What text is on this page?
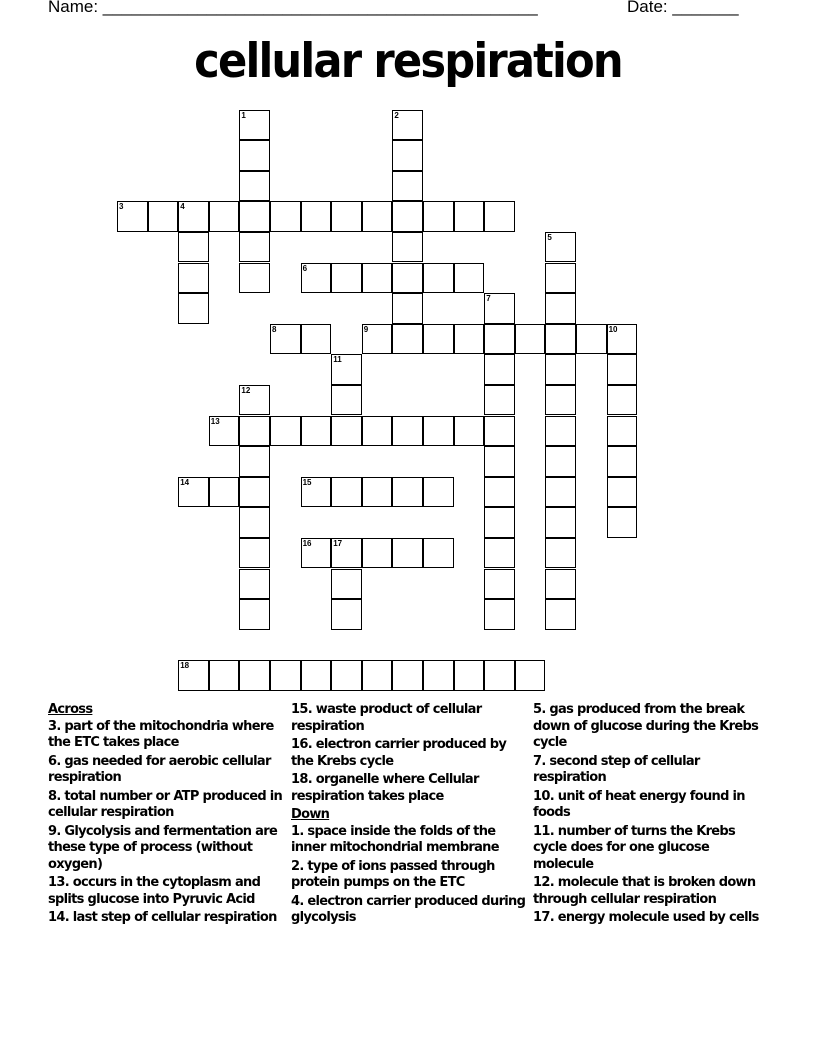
Name: ______________________________________________	Date: _______
cellular respiration
1	2
3	4
5
6
7
8	9	10
11
12
13
14	15
16	17
18
Across
3. part of the mitochondria where the ETC takes place
6. gas needed for aerobic cellular respiration
8. total number or ATP produced in cellular respiration
9. Glycolysis and fermentation are these type of process (without oxygen)
13. occurs in the cytoplasm and splits glucose into Pyruvic Acid
14. last step of cellular respiration
15. waste product of cellular respiration
16. electron carrier produced by the Krebs cycle
18. organelle where Cellular respiration takes place
Down
1. space inside the folds of the inner mitochondrial membrane
2. type of ions passed through protein pumps on the ETC
4. electron carrier produced during glycolysis
5. gas produced from the break down of glucose during the Krebs cycle
7. second step of cellular respiration
10. unit of heat energy found in foods
11. number of turns the Krebs cycle does for one glucose molecule
12. molecule that is broken down through cellular respiration
17. energy molecule used by cells
